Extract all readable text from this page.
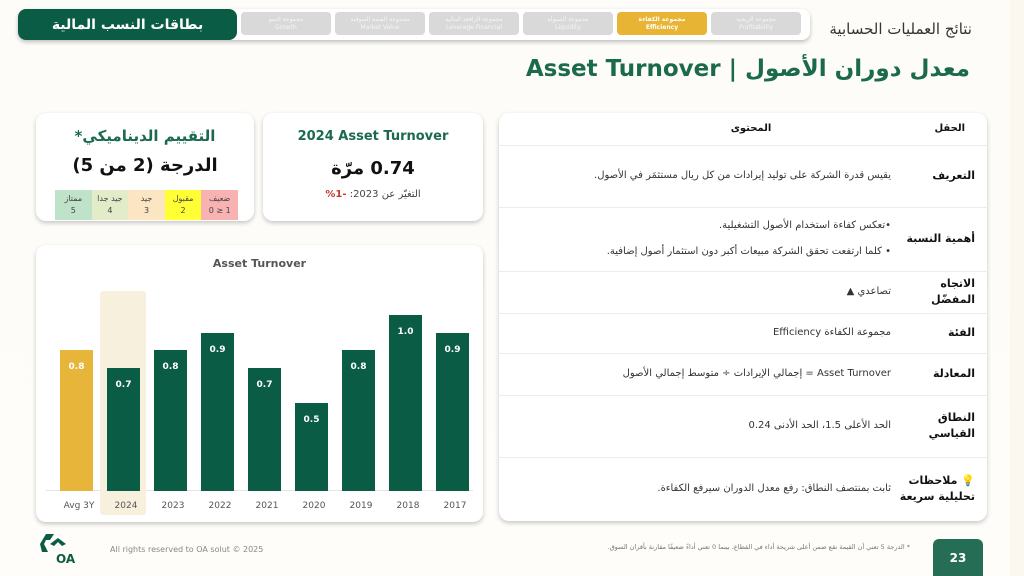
بطاقات النسب المالية	مجموعة النمو
Growth
مجموعة القيمة السوقية
Market Value
مجموعة الرافعة المالية
Leverage Financial
مجموعة السيولة
Liquidity
مجموعة الكفاءة
Efficiency
مجموعة الربحية
Profitability	نتائج العمليات الحسابية
معدل دوران الأصول | Asset Turnover
التقييم الديناميكي*
الدرجة (2 من 5)
ممتاز
5
جيد جدا
4
جيد
3
مقبول
2
ضعيف
0 ≥ 1
2024 Asset Turnover
0.74 مرّة
التغيّر عن 2023: -1%
Asset Turnover
0.8
Avg 3Y
0.7
2024
0.8
2023
0.9
2022
0.7
2021
0.5
2020
0.8
2019
1.0
2018
0.9
2017
الحقل	المحتوى
التعريف	يقيس قدرة الشركة على توليد إيرادات من كل ريال مستثمَر في الأصول.
أهمية النسبة	•تعكس كفاءة استخدام الأصول التشغيلية.
• كلما ارتفعت تحقق الشركة مبيعات أكبر دون استثمار أصول إضافية.

الاتجاه المفضّل	تصاعدي ▲
الفئة	مجموعة الكفاءة Efficiency
المعادلة	Asset Turnover = إجمالي الإيرادات ÷ متوسط إجمالي الأصول
النطاق القياسي	الحد الأعلى 1.5، الحد الأدنى 0.24
💡 ملاحظات تحليلية سريعة	ثابت بمنتصف النطاق: رفع معدل الدوران سيرفع الكفاءة.
OA
All rights reserved to OA solut © 2025	* الدرجة 5 تعني أن القيمة تقع ضمن أعلى شريحة أداء في القطاع، بينما 0 تعني أداءً ضعيفًا مقارنة بأقران السوق.
23
